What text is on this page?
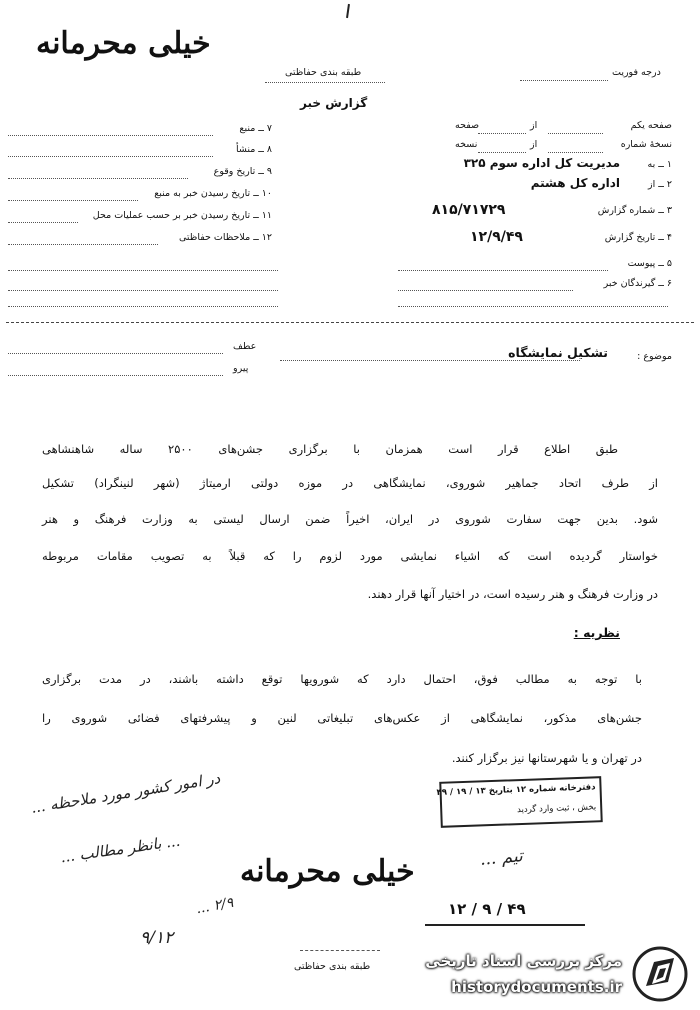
خیلی محرمانه
طبقه بندی حفاظتی	درجه فوریت
گزارش خبر
صفحه یکم
از
صفحه
نسخهٔ شماره
از
نسخه
۱ ــ به
مدیریت کل اداره سوم ۳۲۵
۲ ــ از
اداره کل هشتم
۳ ــ شماره گزارش
۸۱۵/۷۱۷۲۹
۴ ــ تاریخ گزارش
۱۲/۹/۴۹
۵ ــ پیوست
۶ ــ گیرندگان خبر
۷ ــ منبع
۸ ــ منشأ
۹ ــ تاریخ وقوع
۱۰ ــ تاریخ رسیدن خبر به منبع
۱۱ ــ تاریخ رسیدن خبر بر حسب عملیات محل
۱۲ ــ ملاحظات حفاظتی
موضوع :
تشکیل نمایشگاه
عطف
پیرو
طبق اطلاع قرار است همزمان با برگزاری جشن‌های ۲۵۰۰ ساله شاهنشاهی
از طرف اتحاد جماهیر شوروی، نمایشگاهی در موزه دولتی ارمیتاژ (شهر لنینگراد) تشکیل
شود. بدین جهت سفارت شوروی در ایران، اخیراً ضمن ارسال لیستی به وزارت فرهنگ و هنر
خواستار گردیده است که اشیاء نمایشی مورد لزوم را که قبلاً به تصویب مقامات مربوطه
در وزارت فرهنگ و هنر رسیده است، در اختیار آنها قرار دهند.
نظریه :
با توجه به مطالب فوق، احتمال دارد که شورویها توقع داشته باشند، در مدت برگزاری
جشن‌های مذکور، نمایشگاهی از عکس‌های تبلیغاتی لنین و پیشرفتهای فضائی شوروی را
در تهران و یا شهرستانها نیز برگزار کنند.
در امور کشور مورد ملاحظه ...
... بانظر مطالب ...
... ۲/۹
۹/۱۲
دفترخانه شماره ۱۲ بتاریخ ۱۳ / ۱۹ / ۴۹
بخش ، ثبت وارد گردید
تیم ...
خیلی محرمانه
۱۲ / ۹ / ۴۹
طبقه بندی حفاظتی	مرکز بررسی اسناد تاریخی
historydocuments.ir
